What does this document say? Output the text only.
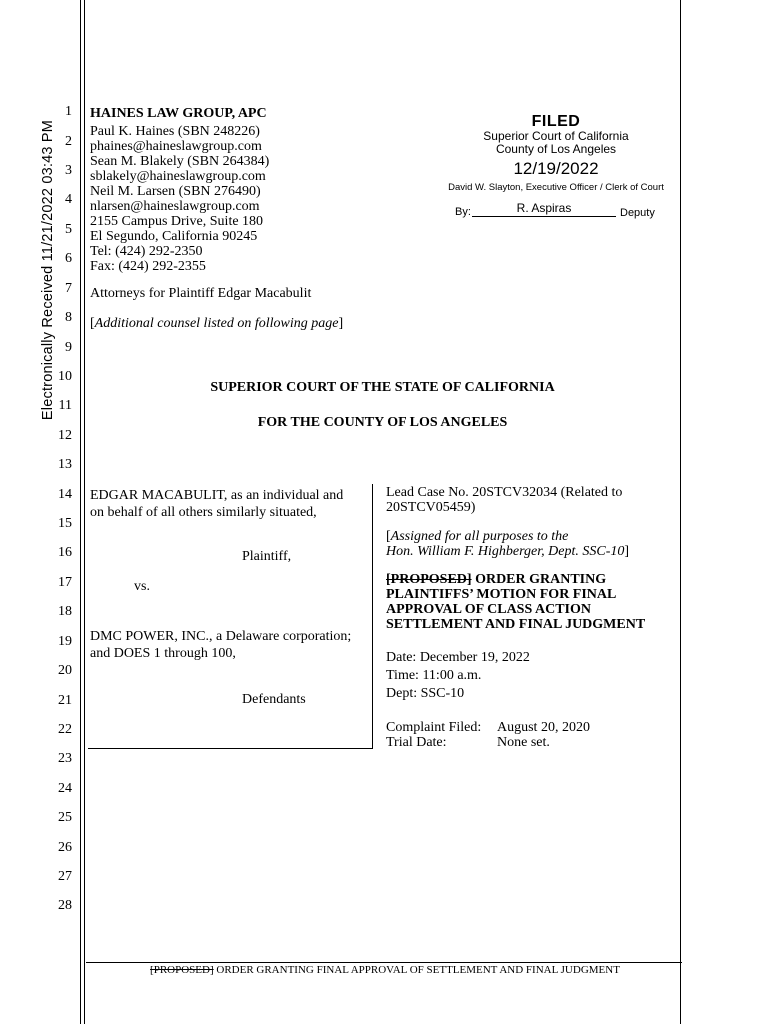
Electronically Received 11/21/2022 03:43 PM
1
2
3
4
5
6
7
8
9
10
11
12
13
14
15
16
17
18
19
20
21
22
23
24
25
26
27
28
HAINES LAW GROUP, APC
Paul K. Haines (SBN 248226)
phaines@haineslawgroup.com
Sean M. Blakely (SBN 264384)
sblakely@haineslawgroup.com
Neil M. Larsen (SBN 276490)
nlarsen@haineslawgroup.com
2155 Campus Drive, Suite 180
El Segundo, California 90245
Tel: (424) 292-2350
Fax: (424) 292-2355
Attorneys for Plaintiff Edgar Macabulit
[Additional counsel listed on following page]
FILED
Superior Court of California
County of Los Angeles
12/19/2022
David W. Slayton, Executive Officer / Clerk of Court
By:	R. Aspiras	Deputy
SUPERIOR COURT OF THE STATE OF CALIFORNIA
FOR THE COUNTY OF LOS ANGELES
EDGAR MACABULIT, as an individual and
on behalf of all others similarly situated,
Plaintiff,
vs.
DMC POWER, INC., a Delaware corporation;
and DOES 1 through 100,
Defendants
Lead Case No. 20STCV32034 (Related to
20STCV05459)
[Assigned for all purposes to the
Hon. William F. Highberger, Dept. SSC-10]
[PROPOSED] ORDER GRANTING
PLAINTIFFS’ MOTION FOR FINAL
APPROVAL OF CLASS ACTION
SETTLEMENT AND FINAL JUDGMENT
Date: December 19, 2022
Time: 11:00 a.m.
Dept: SSC-10
Complaint Filed: August 20, 2020
Trial Date:	None set.
[PROPOSED] ORDER GRANTING FINAL APPROVAL OF SETTLEMENT AND FINAL JUDGMENT
